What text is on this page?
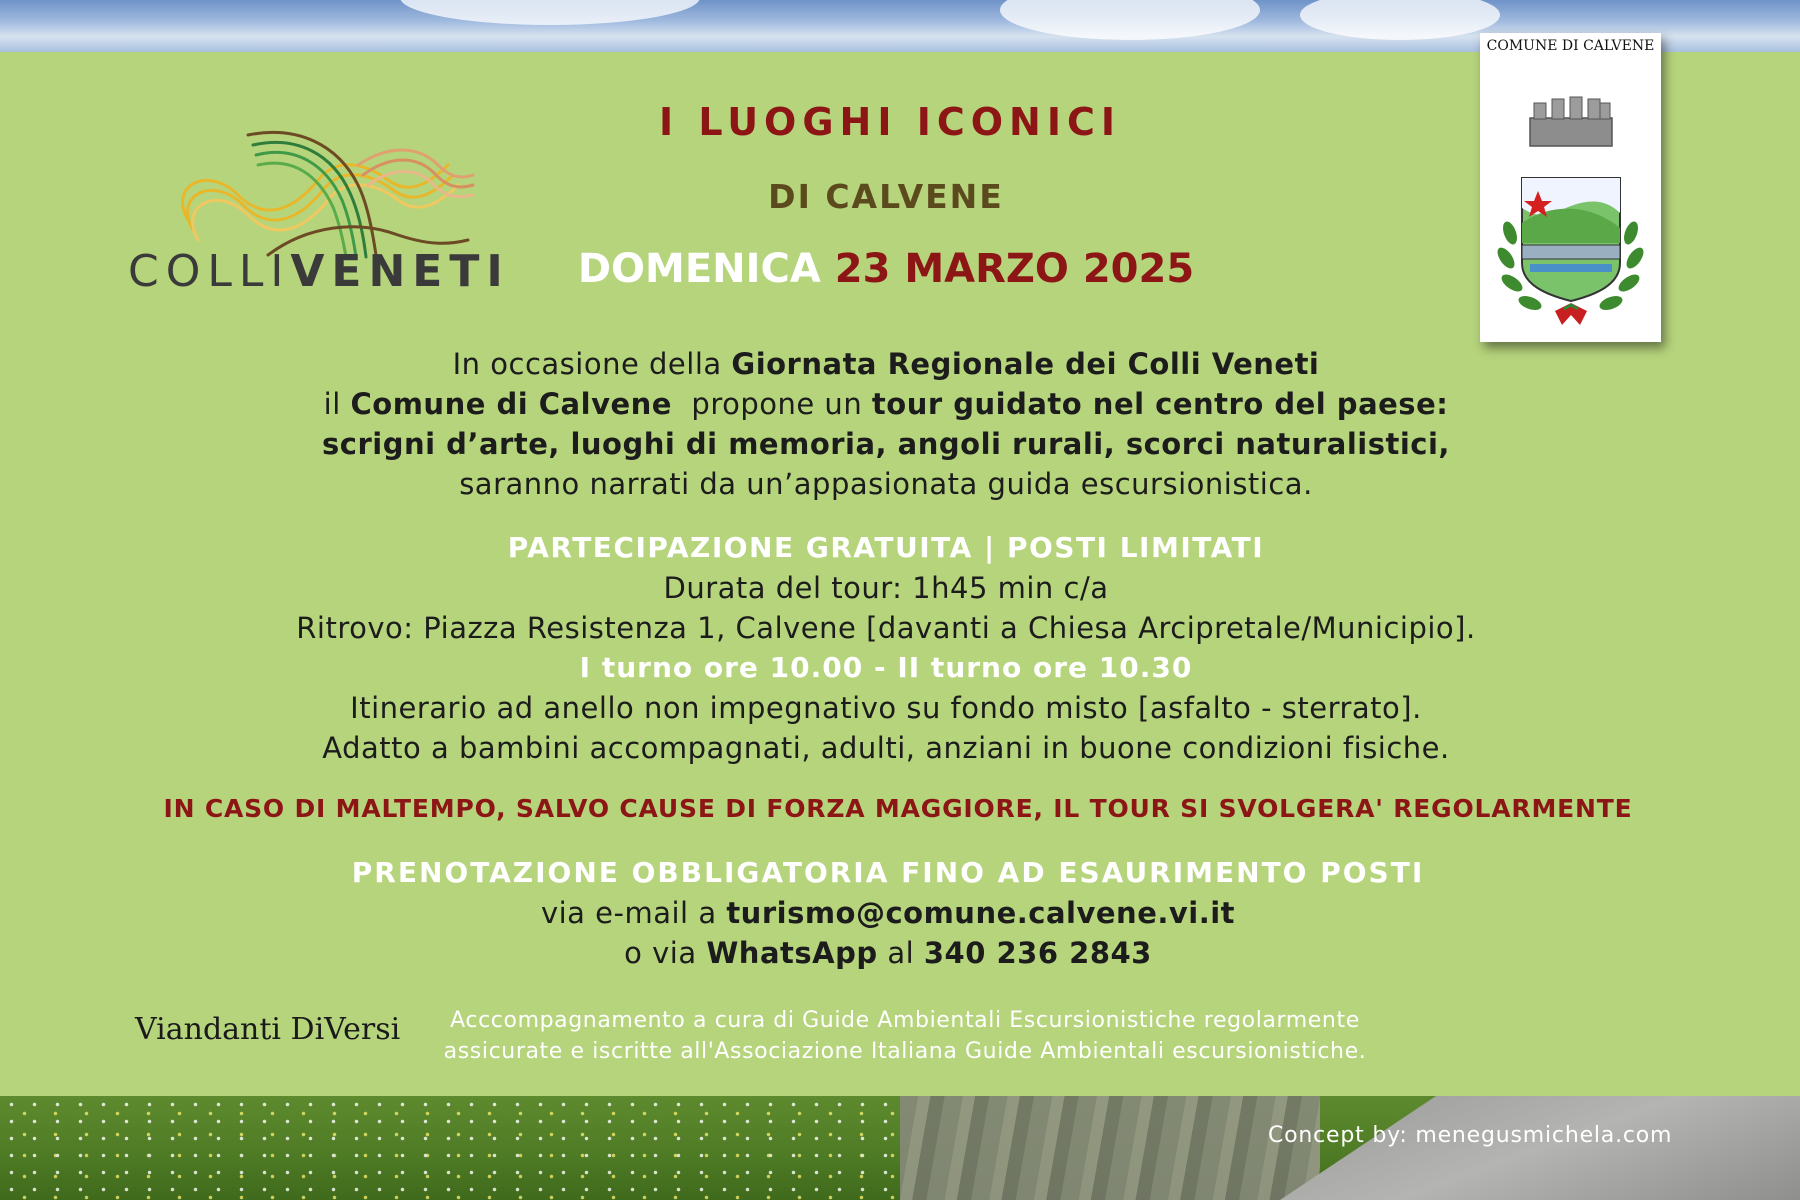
COLLIVENETI
COMUNE DI CALVENE
I LUOGHI ICONICI
DI CALVENE
DOMENICA 23 MARZO 2025
In occasione della Giornata Regionale dei Colli Veneti
il Comune di Calvene  propone un tour guidato nel centro del paese:
scrigni d’arte, luoghi di memoria, angoli rurali, scorci naturalistici,
saranno narrati da un’appasionata guida escursionistica.
PARTECIPAZIONE GRATUITA | POSTI LIMITATI
Durata del tour: 1h45 min c/a
Ritrovo: Piazza Resistenza 1, Calvene [davanti a Chiesa Arcipretale/Municipio].
I turno ore 10.00 - II turno ore 10.30
Itinerario ad anello non impegnativo su fondo misto [asfalto - sterrato].
Adatto a bambini accompagnati, adulti, anziani in buone condizioni fisiche.
IN CASO DI MALTEMPO, SALVO CAUSE DI FORZA MAGGIORE, IL TOUR SI SVOLGERA' REGOLARMENTE
PRENOTAZIONE OBBLIGATORIA FINO AD ESAURIMENTO POSTI
via e-mail a turismo@comune.calvene.vi.it
o via WhatsApp al 340 236 2843
Viandanti DiVersi	Acccompagnamento a cura di Guide Ambientali Escursionistiche regolarmente
assicurate e iscritte all'Associazione Italiana Guide Ambientali escursionistiche.
Concept by: menegusmichela.com
